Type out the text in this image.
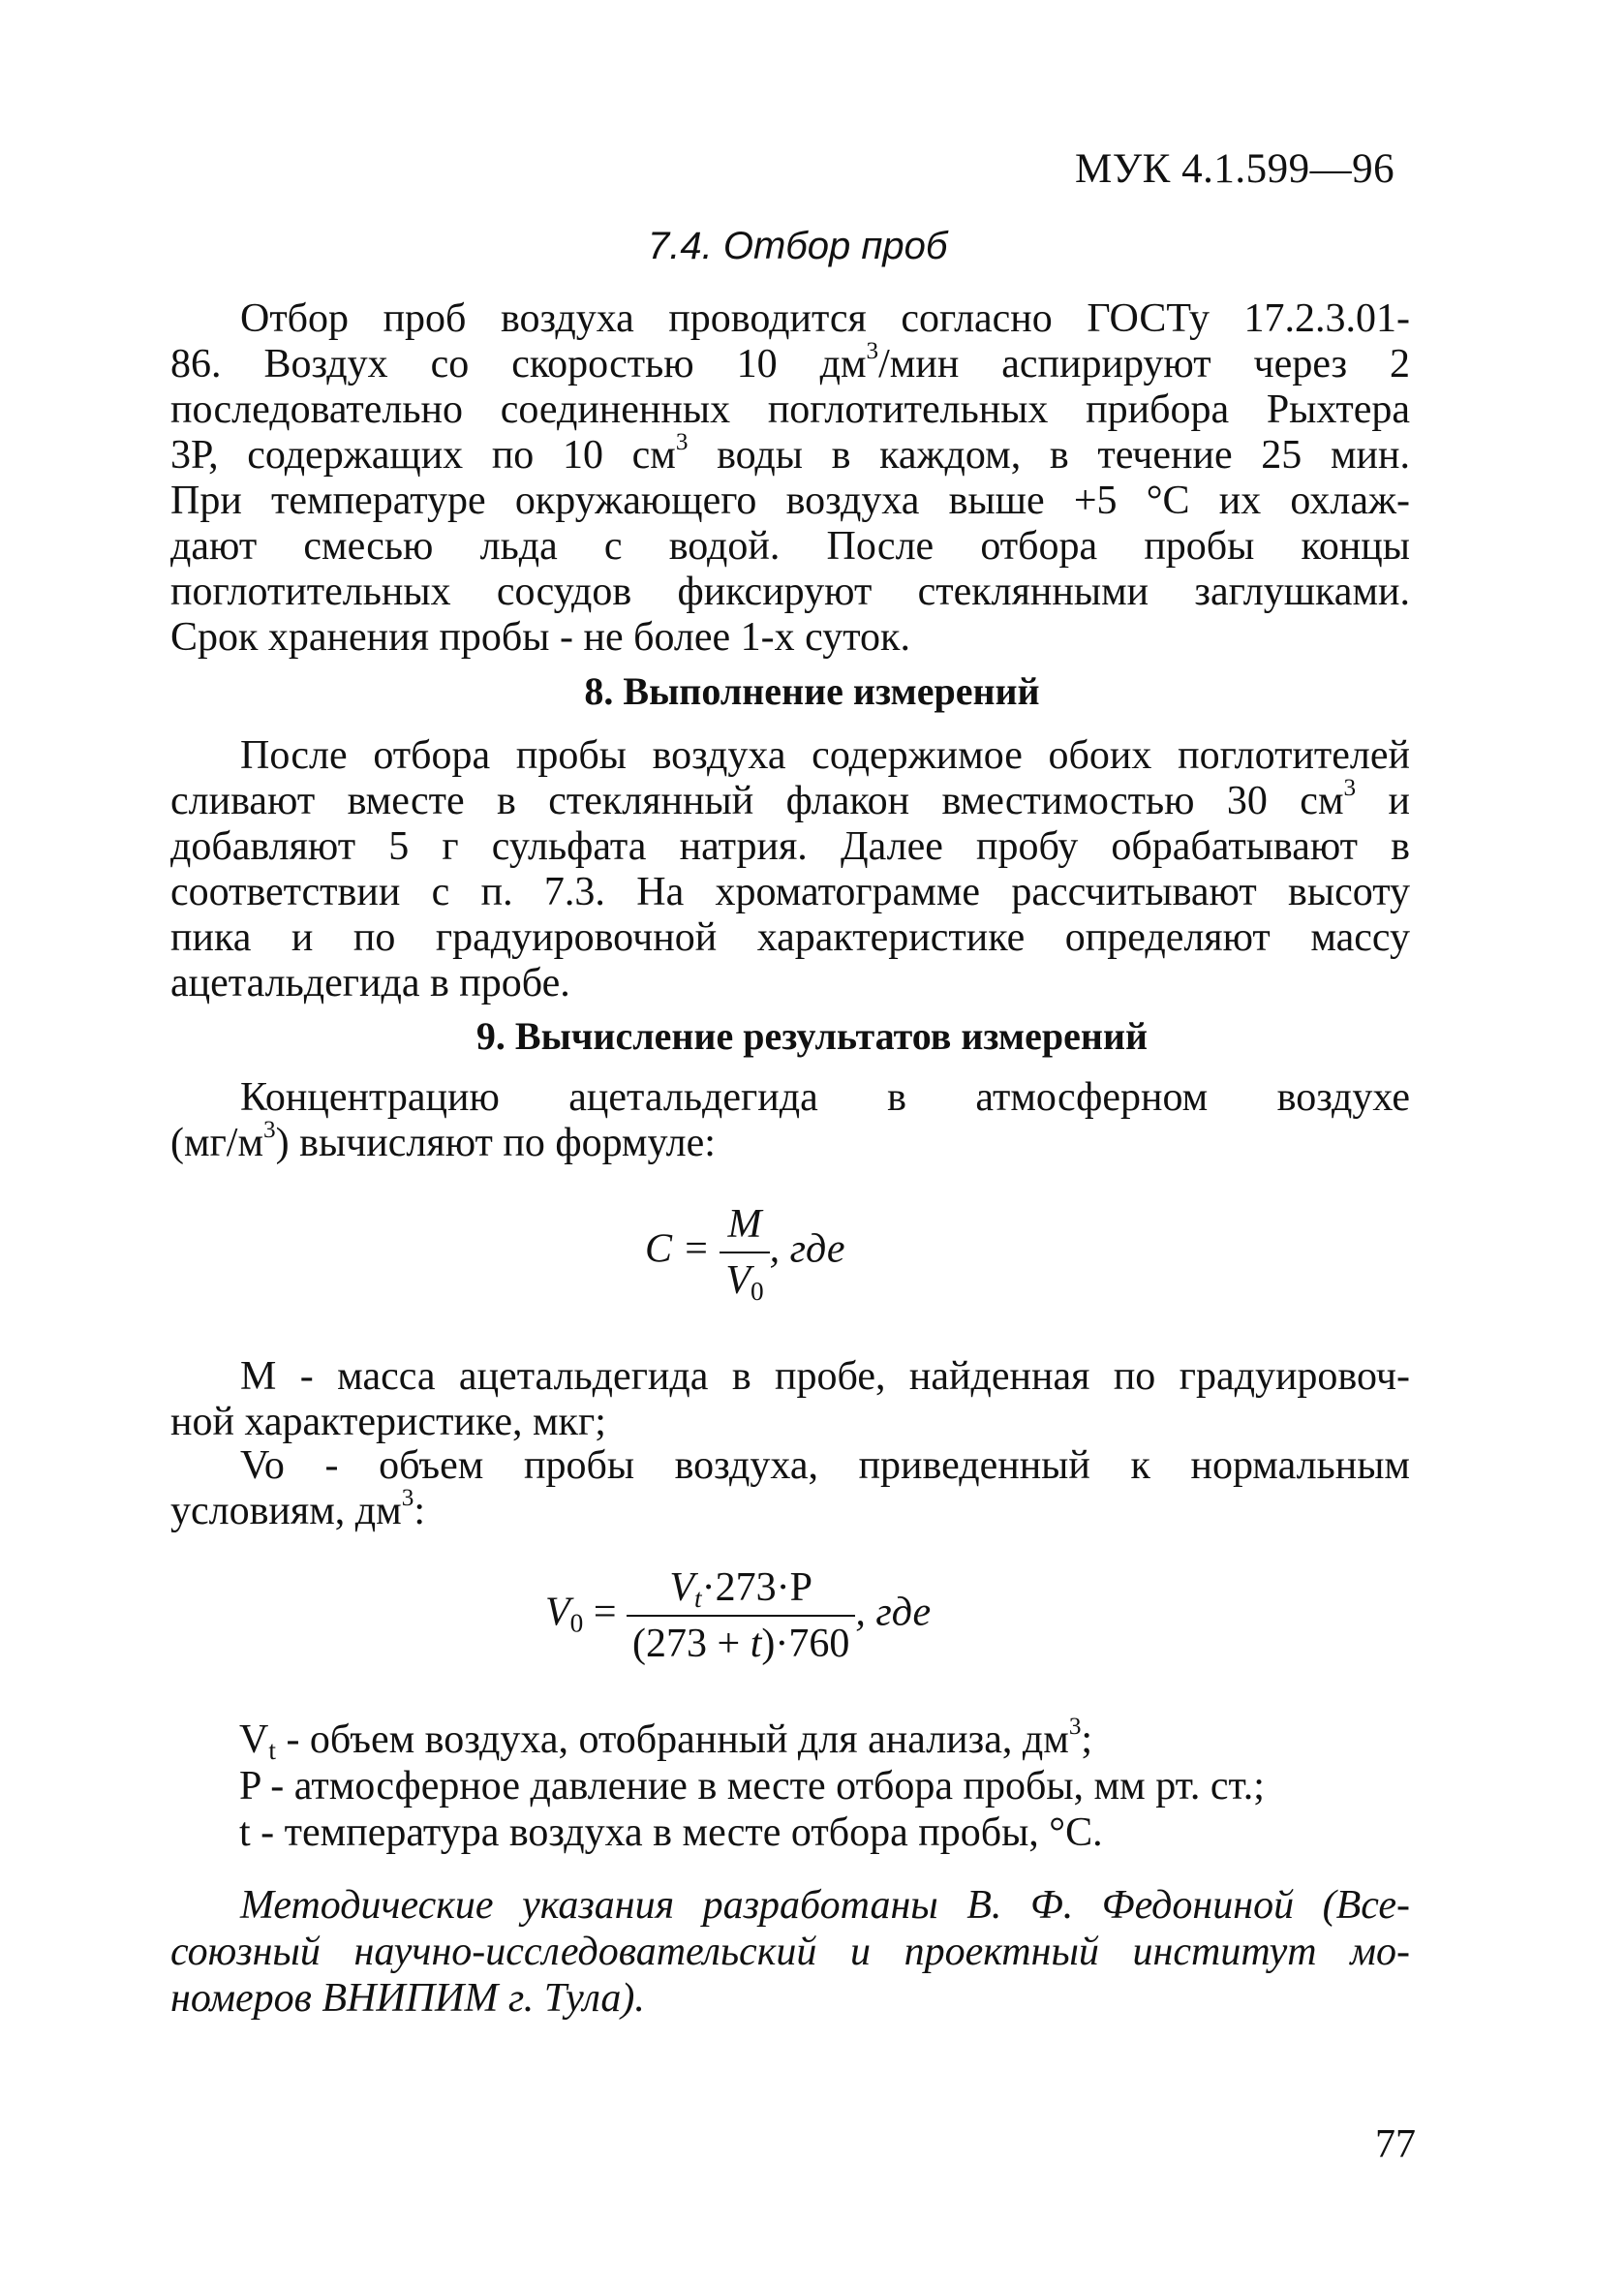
МУК 4.1.599—96
7.4. Отбор проб
Отбор проб воздуха проводится согласно ГОСТу 17.2.3.01-
86. Воздух со скоростью 10 $дм^3$/мин аспирируют через 2
последовательно соединенных поглотительных прибора Рыхтера
3Р, содержащих по 10 $см^3$ воды в каждом, в течение 25 мин.
При температуре окружающего воздуха выше +5 °С их охлаж-
дают смесью льда с водой. После отбора пробы концы
поглотительных сосудов фиксируют стеклянными заглушками.
Срок хранения пробы - не более 1-х суток.
8. Выполнение измерений
После отбора пробы воздуха содержимое обоих поглотителей
сливают вместе в стеклянный флакон вместимостью 30 $см^3$ и
добавляют 5 г сульфата натрия. Далее пробу обрабатывают в
соответствии с п. 7.3. На хроматограмме рассчитывают высоту
пика и по градуировочной характеристике определяют массу
ацетальдегида в пробе.
9. Вычисление результатов измерений
Концентрацию ацетальдегида в атмосферном воздухе
$(мг/м^3)$ вычисляют по формуле:
$C = \frac{M}{V_0}$ , где
M - масса ацетальдегида в пробе, найденная по градуировоч-
ной характеристике, мкг;
Vo - объем пробы воздуха, приведенный к нормальным
условиям, $дм^3$:
$V_0 = \frac{V_t\cdot 273\cdot P}{(273 + t)\cdot 760}$ , где
$V_t$ - объем воздуха, отобранный для анализа, $дм^3$;
P - атмосферное давление в месте отбора пробы, мм рт. ст.;
t - температура воздуха в месте отбора пробы, °С.
Методические указания разработаны В. Ф. Федониной (Все-
союзный научно-исследовательский и проектный институт мо-
номеров ВНИПИМ г. Тула).
77
